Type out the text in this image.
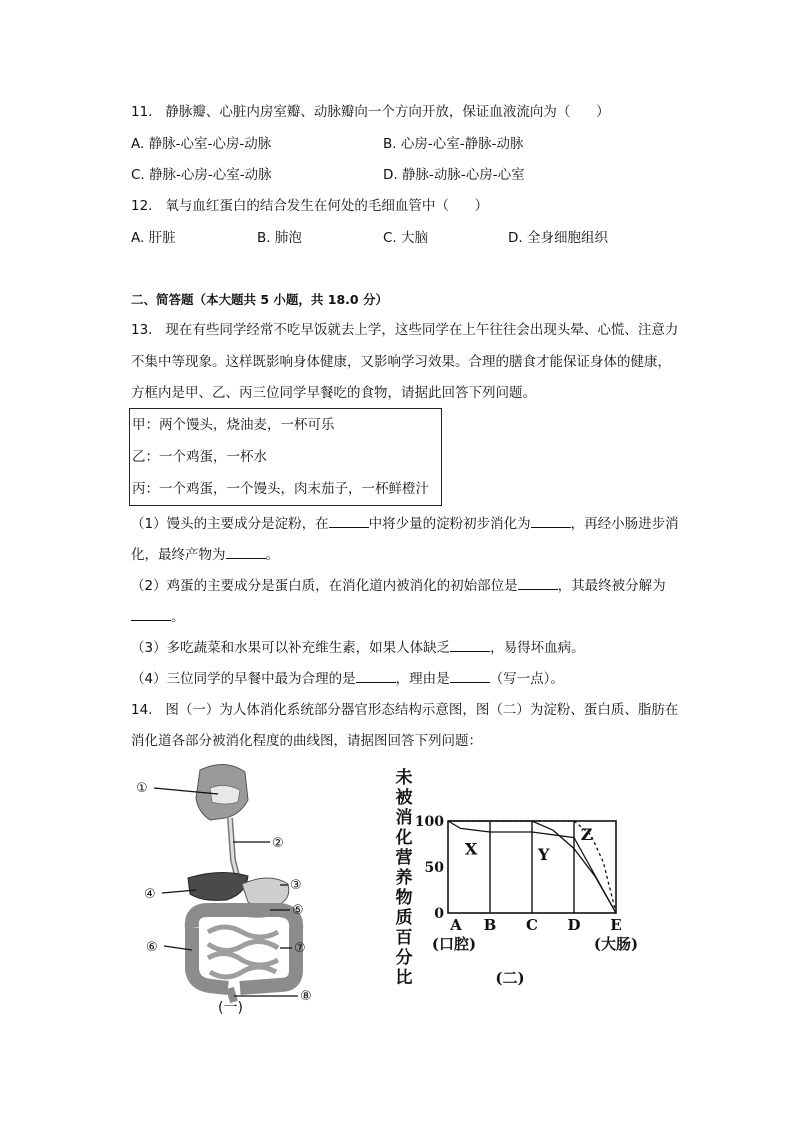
11.   静脉瓣、心脏内房室瓣、动脉瓣向一个方向开放，保证血液流向为（      ）
A. 静脉-心室-心房-动脉	B. 心房-心室-静脉-动脉
C. 静脉-心房-心室-动脉	D. 静脉-动脉-心房-心室
12.   氧与血红蛋白的结合发生在何处的毛细血管中（      ）
A. 肝脏	B. 肺泡	C. 大脑	D. 全身细胞组织
二、简答题（本大题共 5 小题，共 18.0 分）
13.   现在有些同学经常不吃早饭就去上学，这些同学在上午往往会出现头晕、心慌、注意力
不集中等现象。这样既影响身体健康，又影响学习效果。合理的膳食才能保证身体的健康，
方框内是甲、乙、丙三位同学早餐吃的食物，请据此回答下列问题。
甲：两个馒头，烧油麦，一杯可乐
乙：一个鸡蛋，一杯水
丙：一个鸡蛋，一个馒头，肉末茄子，一杯鲜橙汁
（1）馒头的主要成分是淀粉，在	中将少量的淀粉初步消化为	，再经小肠进步消
化，最终产物为	。
（2）鸡蛋的主要成分是蛋白质，在消化道内被消化的初始部位是	，其最终被分解为
。
（3）多吃蔬菜和水果可以补充维生素，如果人体缺乏	，易得坏血病。
（4）三位同学的早餐中最为合理的是	，理由是	（写一点）。
14.   图（一）为人体消化系统部分器官形态结构示意图，图（二）为淀粉、蛋白质、脂肪在
消化道各部分被消化程度的曲线图，请据图回答下列问题：
①
②
③
④
⑤
⑥	⑦
⑧
(一)
未
被
消
化
营
养
物
质
百
分
比
100
50
0
X	Y
Z
A B C D E
(口腔)	(大肠)
(二)
